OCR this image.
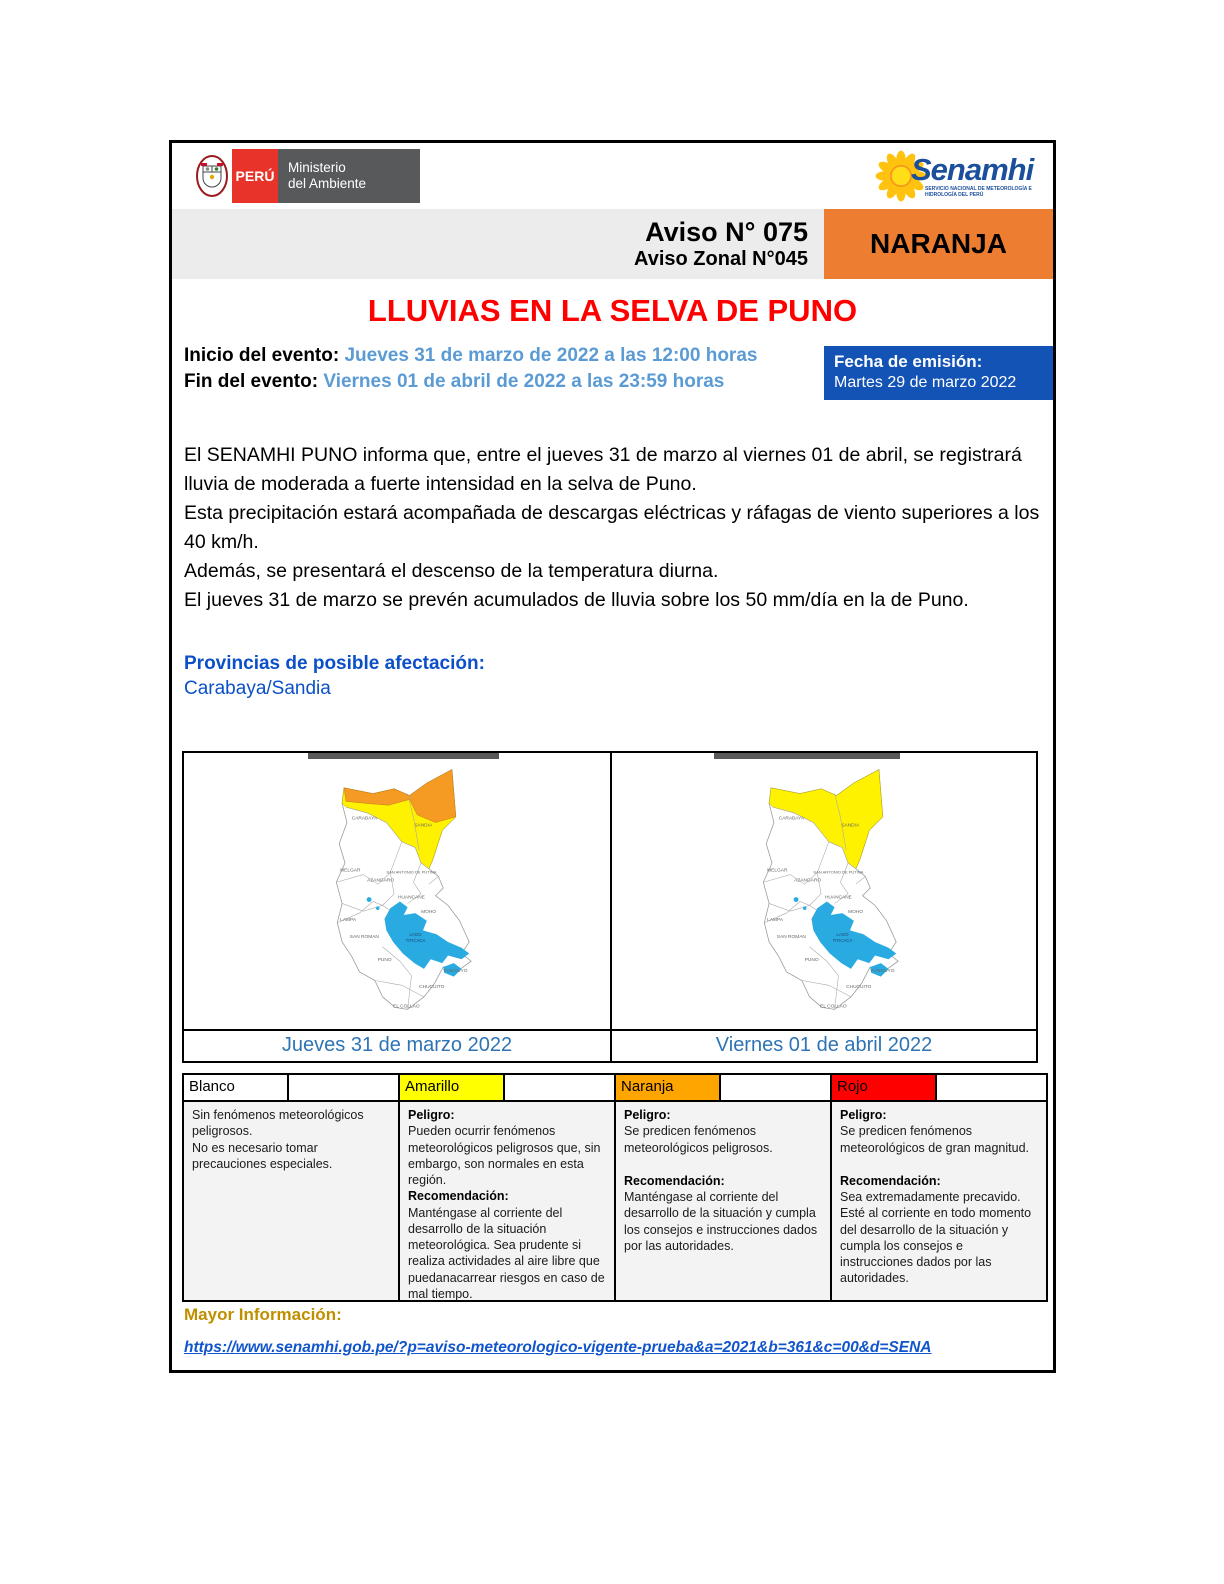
PERÚ
Ministerio
del Ambiente	Senamhi
SERVICIO NACIONAL DE METEOROLOGÍA E HIDROLOGÍA DEL PERÚ
Aviso N° 075
Aviso Zonal N°045
NARANJA
LLUVIAS EN LA SELVA DE PUNO
Inicio del evento: Jueves 31 de marzo de 2022 a las 12:00 horas
Fin del evento: Viernes 01 de abril de 2022 a las 23:59 horas
Fecha de emisión:
Martes 29 de marzo 2022
El SENAMHI PUNO informa que, entre el jueves 31 de marzo al viernes 01 de abril, se registrará lluvia de moderada a fuerte intensidad en la selva de Puno.
Esta precipitación estará acompañada de descargas eléctricas y ráfagas de viento superiores a los 40 km/h.
Además, se presentará el descenso de la temperatura diurna.
El jueves 31 de marzo se prevén acumulados de lluvia sobre los 50 mm/día en la de Puno.
Provincias de posible afectación:
Carabaya/Sandia
CARABAYA
SANDIA
MELGAR
AZANGARO
SAN ANTONIO DE PUTINA
HUANCANE
MOHO
LAMPA
SAN ROMAN
LAGO
TITICACA
PUNO
YUNGUYO
CHUCUITO
EL COLLAO
CARABAYA
SANDIA
MELGAR
AZANGARO
SAN ANTONIO DE PUTINA
HUANCANE
MOHO
LAMPA
SAN ROMAN
LAGO
TITICACA
PUNO
YUNGUYO
CHUCUITO
EL COLLAO
Jueves 31 de marzo 2022	Viernes 01 de abril 2022
Blanco
Sin fenómenos meteorológicos peligrosos.
No es necesario tomar precauciones especiales.
Amarillo
Peligro:
Pueden ocurrir fenómenos meteorológicos peligrosos que, sin embargo, son normales en esta región.
Recomendación:
Manténgase al corriente del desarrollo de la situación meteorológica. Sea prudente si realiza actividades al aire libre que puedanacarrear riesgos en caso de mal tiempo.
Naranja
Peligro:
Se predicen fenómenos meteorológicos peligrosos.
Recomendación:
Manténgase al corriente del desarrollo de la situación y cumpla los consejos e instrucciones dados por las autoridades.
Rojo
Peligro:
Se predicen fenómenos meteorológicos de gran magnitud.
Recomendación:
Sea extremadamente precavido. Esté al corriente en todo momento del desarrollo de la situación y cumpla los consejos e instrucciones dados por las autoridades.
Mayor Información:
https://www.senamhi.gob.pe/?p=aviso-meteorologico-vigente-prueba&a=2021&b=361&c=00&d=SENA
